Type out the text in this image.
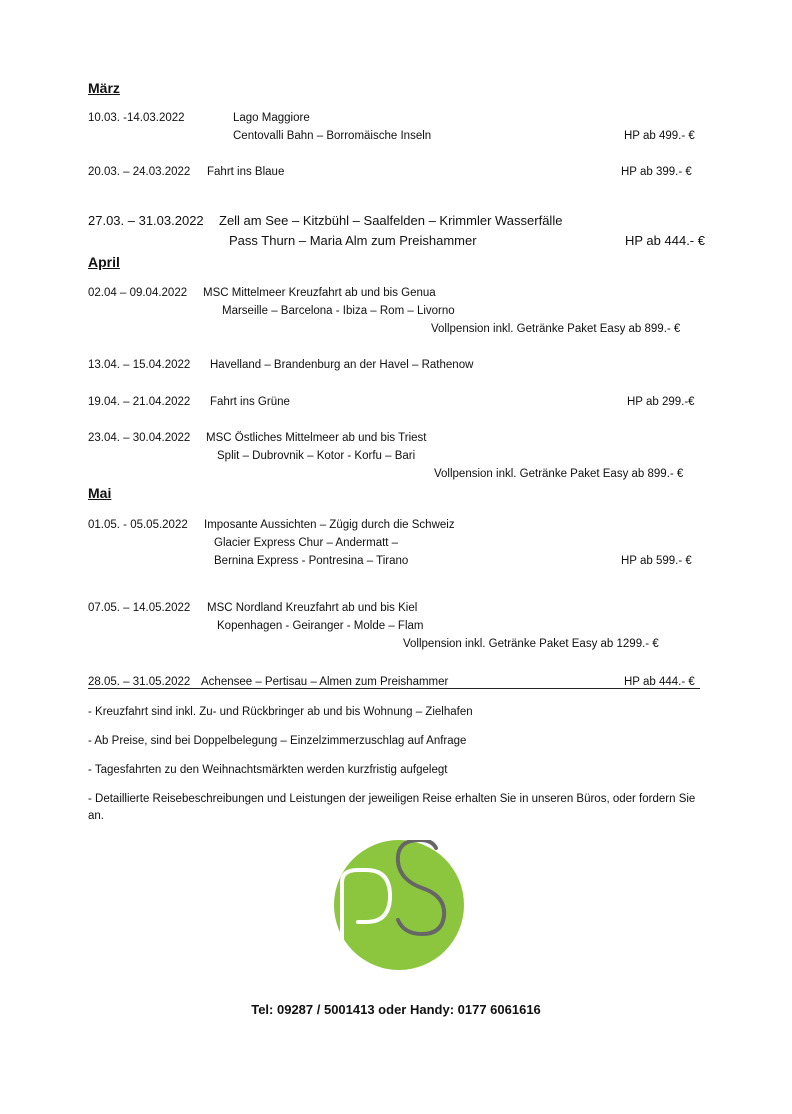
März
10.03. -14.03.2022	Lago Maggiore
Centovalli Bahn – Borromäische Inseln	HP ab 499.- €
20.03. – 24.03.2022 Fahrt ins Blaue	HP ab 399.- €
27.03. – 31.03.2022 Zell am See – Kitzbühl – Saalfelden – Krimmler Wasserfälle
Pass Thurn – Maria Alm zum Preishammer	HP ab 444.- €
April
02.04 – 09.04.2022 MSC Mittelmeer Kreuzfahrt ab und bis Genua
Marseille – Barcelona - Ibiza – Rom – Livorno
Vollpension inkl. Getränke Paket Easy ab 899.- €
13.04. – 15.04.2022 Havelland – Brandenburg an der Havel – Rathenow
19.04. – 21.04.2022 Fahrt ins Grüne	HP ab 299.-€
23.04. – 30.04.2022 MSC Östliches Mittelmeer ab und bis Triest
Split – Dubrovnik – Kotor - Korfu – Bari
Vollpension inkl. Getränke Paket Easy ab 899.- €
Mai
01.05. - 05.05.2022 Imposante Aussichten – Zügig durch die Schweiz
Glacier Express Chur – Andermatt –
Bernina Express - Pontresina – Tirano	HP ab 599.- €
07.05. – 14.05.2022 MSC Nordland Kreuzfahrt ab und bis Kiel
Kopenhagen - Geiranger - Molde – Flam
Vollpension inkl. Getränke Paket Easy ab 1299.- €
28.05. – 31.05.2022 Achensee – Pertisau – Almen zum Preishammer	HP ab 444.- €
- Kreuzfahrt sind inkl. Zu- und Rückbringer ab und bis Wohnung – Zielhafen
- Ab Preise, sind bei Doppelbelegung – Einzelzimmerzuschlag auf Anfrage
- Tagesfahrten zu den Weihnachtsmärkten werden kurzfristig aufgelegt
- Detaillierte Reisebeschreibungen und Leistungen der jeweiligen Reise erhalten Sie in unseren Büros, oder fordern Sie an.
Tel: 09287 / 5001413 oder Handy: 0177 6061616
